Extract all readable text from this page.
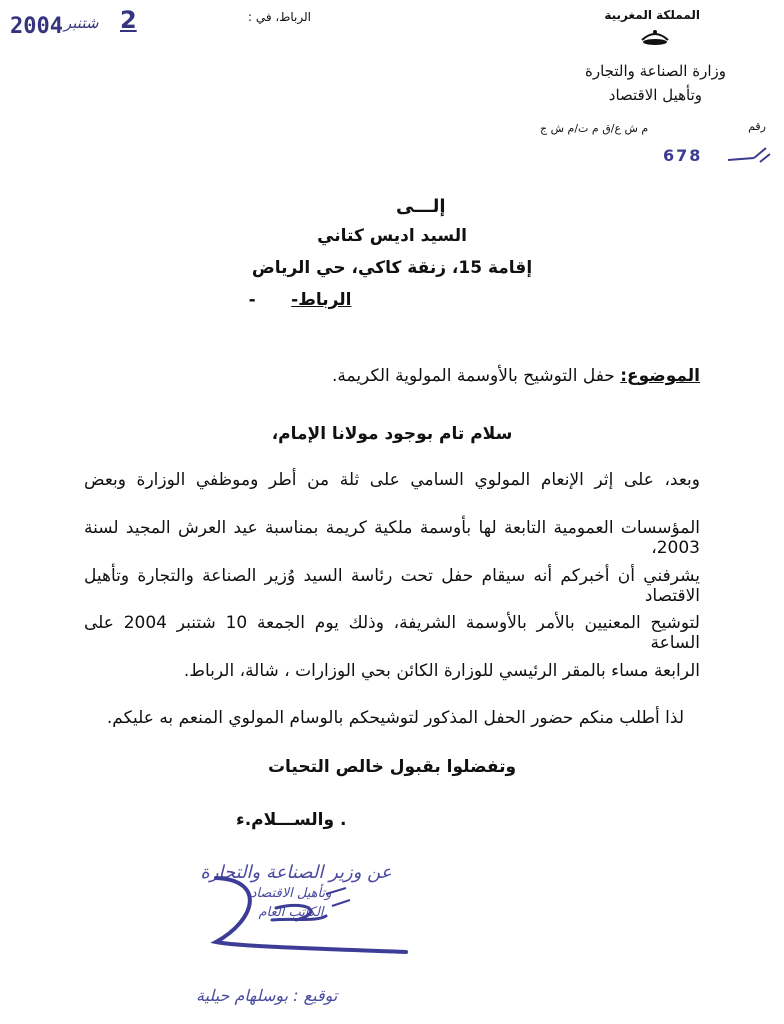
المملكة المغربية
وزارة الصناعة والتجارة
وتأهيل الاقتصاد
الرباط، في :
رقم
م ش ع/ق م ت/م ش ج
678
2004 شتنبر 2
إلـــى
السيد اديس كتاني
إقامة 15، زنقة كاكي، حي الرياض
الرباط-      -
الموضوع: حفل التوشيح بالأوسمة المولوية الكريمة.
سلام تام بوجود مولانا الإمام،
وبعد، على إثر الإنعام المولوي السامي على ثلة من أطر وموظفي الوزارة وبعض
المؤسسات العمومية التابعة لها بأوسمة ملكية كريمة بمناسبة عيد العرش المجيد لسنة 2003،
يشرفني أن أخبركم أنه سيقام حفل تحت رئاسة السيد وُزير الصناعة والتجارة وتأهيل الاقتصاد
لتوشيح المعنيين بالأمر بالأوسمة الشريفة، وذلك يوم الجمعة 10 شتنبر 2004 على الساعة
الرابعة مساء بالمقر الرئيسي للوزارة الكائن بحي الوزارات ، شالة، الرباط.
لذا أطلب منكم حضور الحفل المذكور لتوشيحكم بالوسام المولوي المنعم به عليكم.
وتفضلوا بقبول خالص التحيات
والســـلام.ء .
عن وزير الصناعة والتجارة
وتأهيل الاقتصاد
الكاتب العام
توقيع : بوسلهام حيلية
